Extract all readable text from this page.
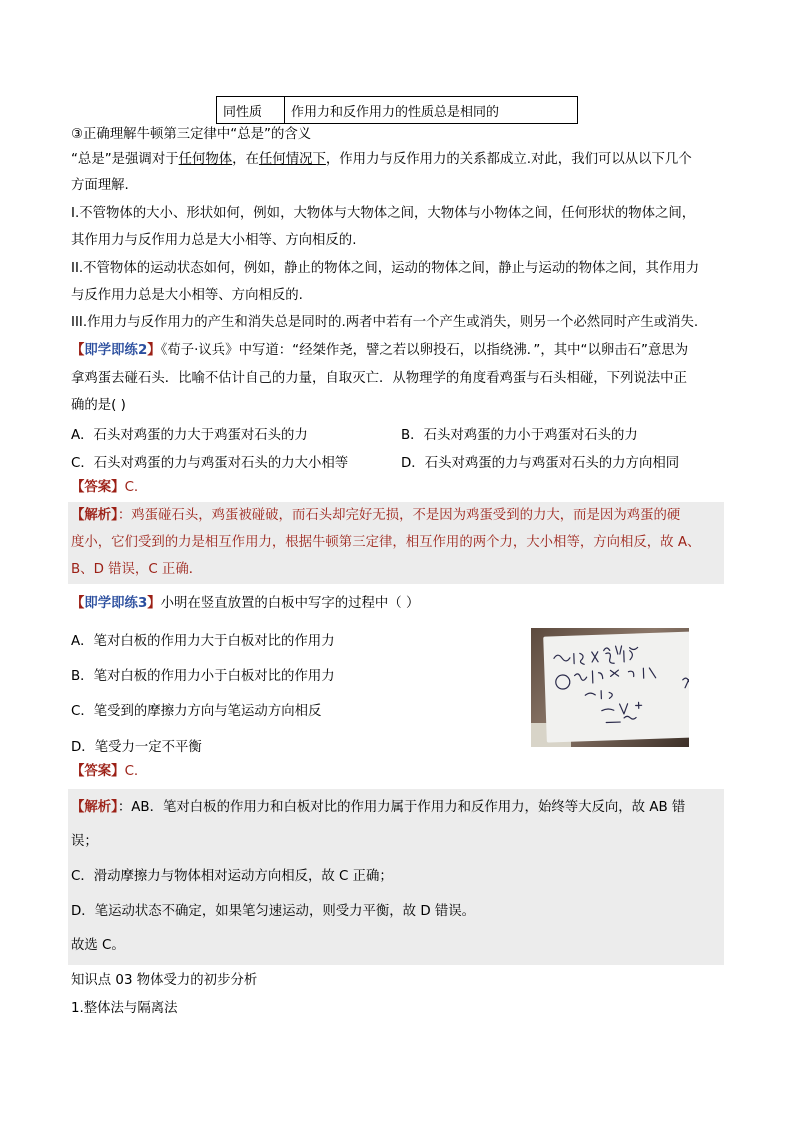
同性质	作用力和反作用力的性质总是相同的
③正确理解牛顿第三定律中“总是”的含义
“总是”是强调对于任何物体，在任何情况下，作用力与反作用力的关系都成立.对此，我们可以从以下几个
方面理解.
I.不管物体的大小、形状如何，例如，大物体与大物体之间，大物体与小物体之间，任何形状的物体之间，
其作用力与反作用力总是大小相等、方向相反的.
II.不管物体的运动状态如何，例如，静止的物体之间，运动的物体之间，静止与运动的物体之间，其作用力
与反作用力总是大小相等、方向相反的.
III.作用力与反作用力的产生和消失总是同时的.两者中若有一个产生或消失，则另一个必然同时产生或消失.
【即学即练2】《荀子·议兵》中写道：“经桀作尧，譬之若以卵投石，以指绕沸．”，其中“以卵击石”意思为
拿鸡蛋去碰石头．比喻不估计自己的力量，自取灭亡．从物理学的角度看鸡蛋与石头相碰，下列说法中正
确的是( )
A．石头对鸡蛋的力大于鸡蛋对石头的力	B．石头对鸡蛋的力小于鸡蛋对石头的力
C．石头对鸡蛋的力与鸡蛋对石头的力大小相等	D．石头对鸡蛋的力与鸡蛋对石头的力方向相同
【答案】C.
【解析】：鸡蛋碰石头，鸡蛋被碰破，而石头却完好无损，不是因为鸡蛋受到的力大，而是因为鸡蛋的硬
度小，它们受到的力是相互作用力，根据牛顿第三定律，相互作用的两个力，大小相等，方向相反，故 A、
B、D 错误，C 正确．
【即学即练3】小明在竖直放置的白板中写字的过程中（ ）
A．笔对白板的作用力大于白板对比的作用力
B．笔对白板的作用力小于白板对比的作用力
C．笔受到的摩擦力方向与笔运动方向相反
D．笔受力一定不平衡
【答案】C.
【解析】：AB．笔对白板的作用力和白板对比的作用力属于作用力和反作用力，始终等大反向，故 AB 错
误；
C．滑动摩擦力与物体相对运动方向相反，故 C 正确；
D．笔运动状态不确定，如果笔匀速运动，则受力平衡，故 D 错误。
故选 C。
知识点 03 物体受力的初步分析
1.整体法与隔离法
